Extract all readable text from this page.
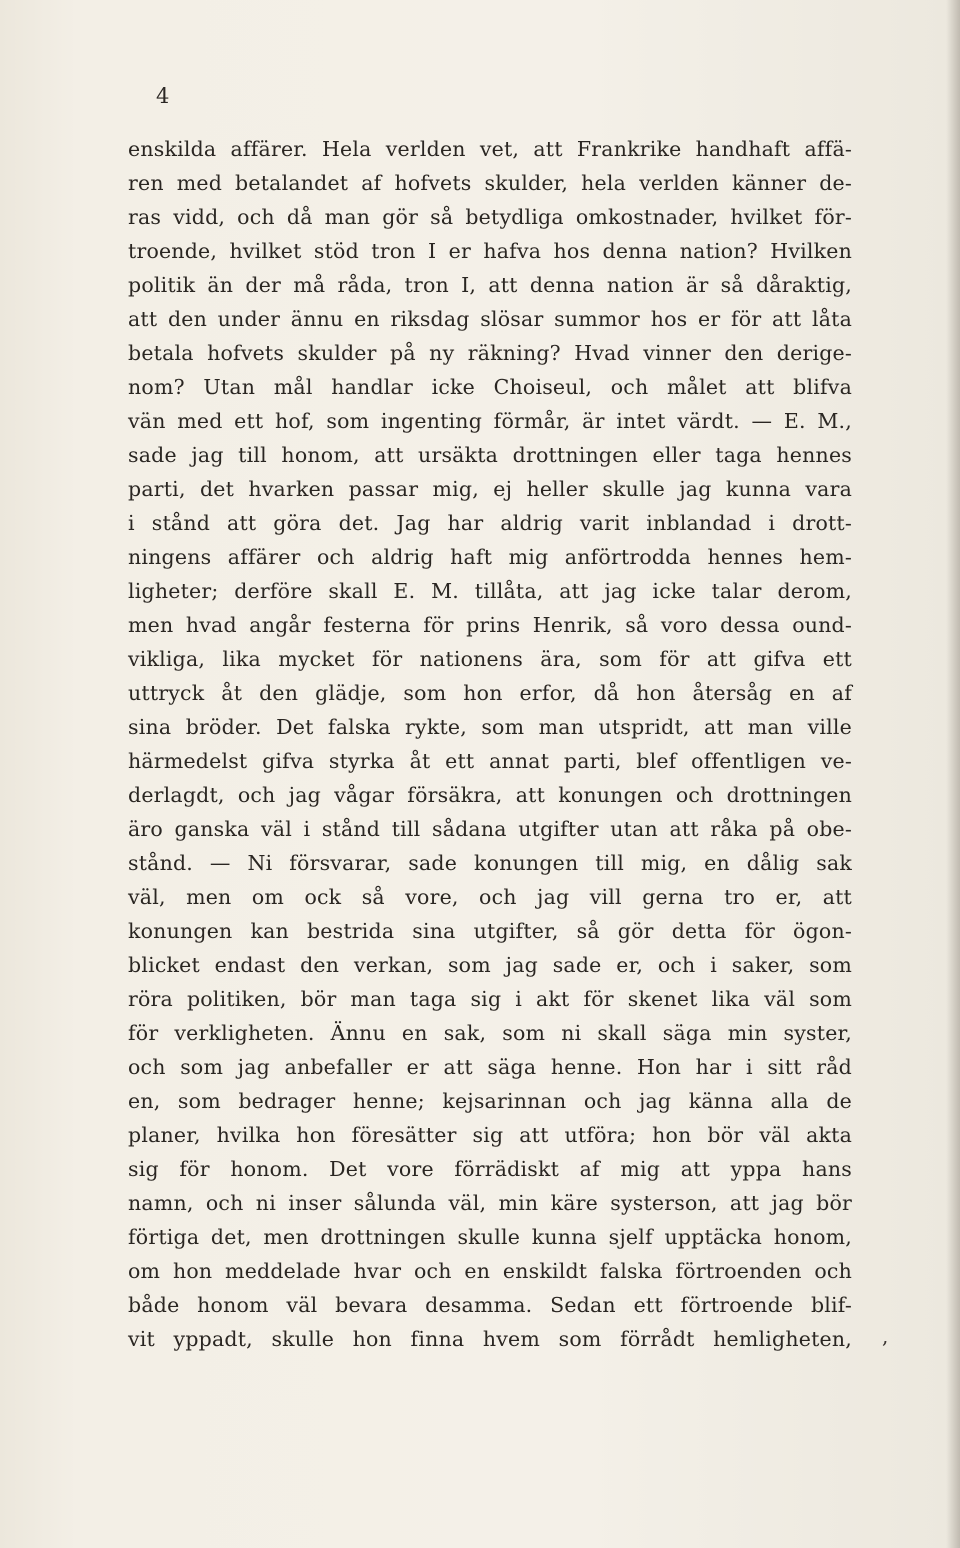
4
enskilda affärer. Hela verlden vet, att Frankrike handhaft affä-
ren med betalandet af hofvets skulder, hela verlden känner de-
ras vidd, och då man gör så betydliga omkostnader, hvilket för-
troende, hvilket stöd tron I er hafva hos denna nation? Hvilken
politik än der må råda, tron I, att denna nation är så dåraktig,
att den under ännu en riksdag slösar summor hos er för att låta
betala hofvets skulder på ny räkning? Hvad vinner den derige-
nom? Utan mål handlar icke Choiseul, och målet att blifva
vän med ett hof, som ingenting förmår, är intet värdt. — E. M.,
sade jag till honom, att ursäkta drottningen eller taga hennes
parti, det hvarken passar mig, ej heller skulle jag kunna vara
i stånd att göra det. Jag har aldrig varit inblandad i drott-
ningens affärer och aldrig haft mig anförtrodda hennes hem-
ligheter; derföre skall E. M. tillåta, att jag icke talar derom,
men hvad angår festerna för prins Henrik, så voro dessa ound-
vikliga, lika mycket för nationens ära, som för att gifva ett
uttryck åt den glädje, som hon erfor, då hon återsåg en af
sina bröder. Det falska rykte, som man utspridt, att man ville
härmedelst gifva styrka åt ett annat parti, blef offentligen ve-
derlagdt, och jag vågar försäkra, att konungen och drottningen
äro ganska väl i stånd till sådana utgifter utan att råka på obe-
stånd. — Ni försvarar, sade konungen till mig, en dålig sak
väl, men om ock så vore, och jag vill gerna tro er, att
konungen kan bestrida sina utgifter, så gör detta för ögon-
blicket endast den verkan, som jag sade er, och i saker, som
röra politiken, bör man taga sig i akt för skenet lika väl som
för verkligheten. Ännu en sak, som ni skall säga min syster,
och som jag anbefaller er att säga henne. Hon har i sitt råd
en, som bedrager henne; kejsarinnan och jag känna alla de
planer, hvilka hon föresätter sig att utföra; hon bör väl akta
sig för honom. Det vore förrädiskt af mig att yppa hans
namn, och ni inser sålunda väl, min käre systerson, att jag bör
förtiga det, men drottningen skulle kunna sjelf upptäcka honom,
om hon meddelade hvar och en enskildt falska förtroenden och
både honom väl bevara desamma. Sedan ett förtroende blif-
vit yppadt, skulle hon finna hvem som förrådt hemligheten, ,
